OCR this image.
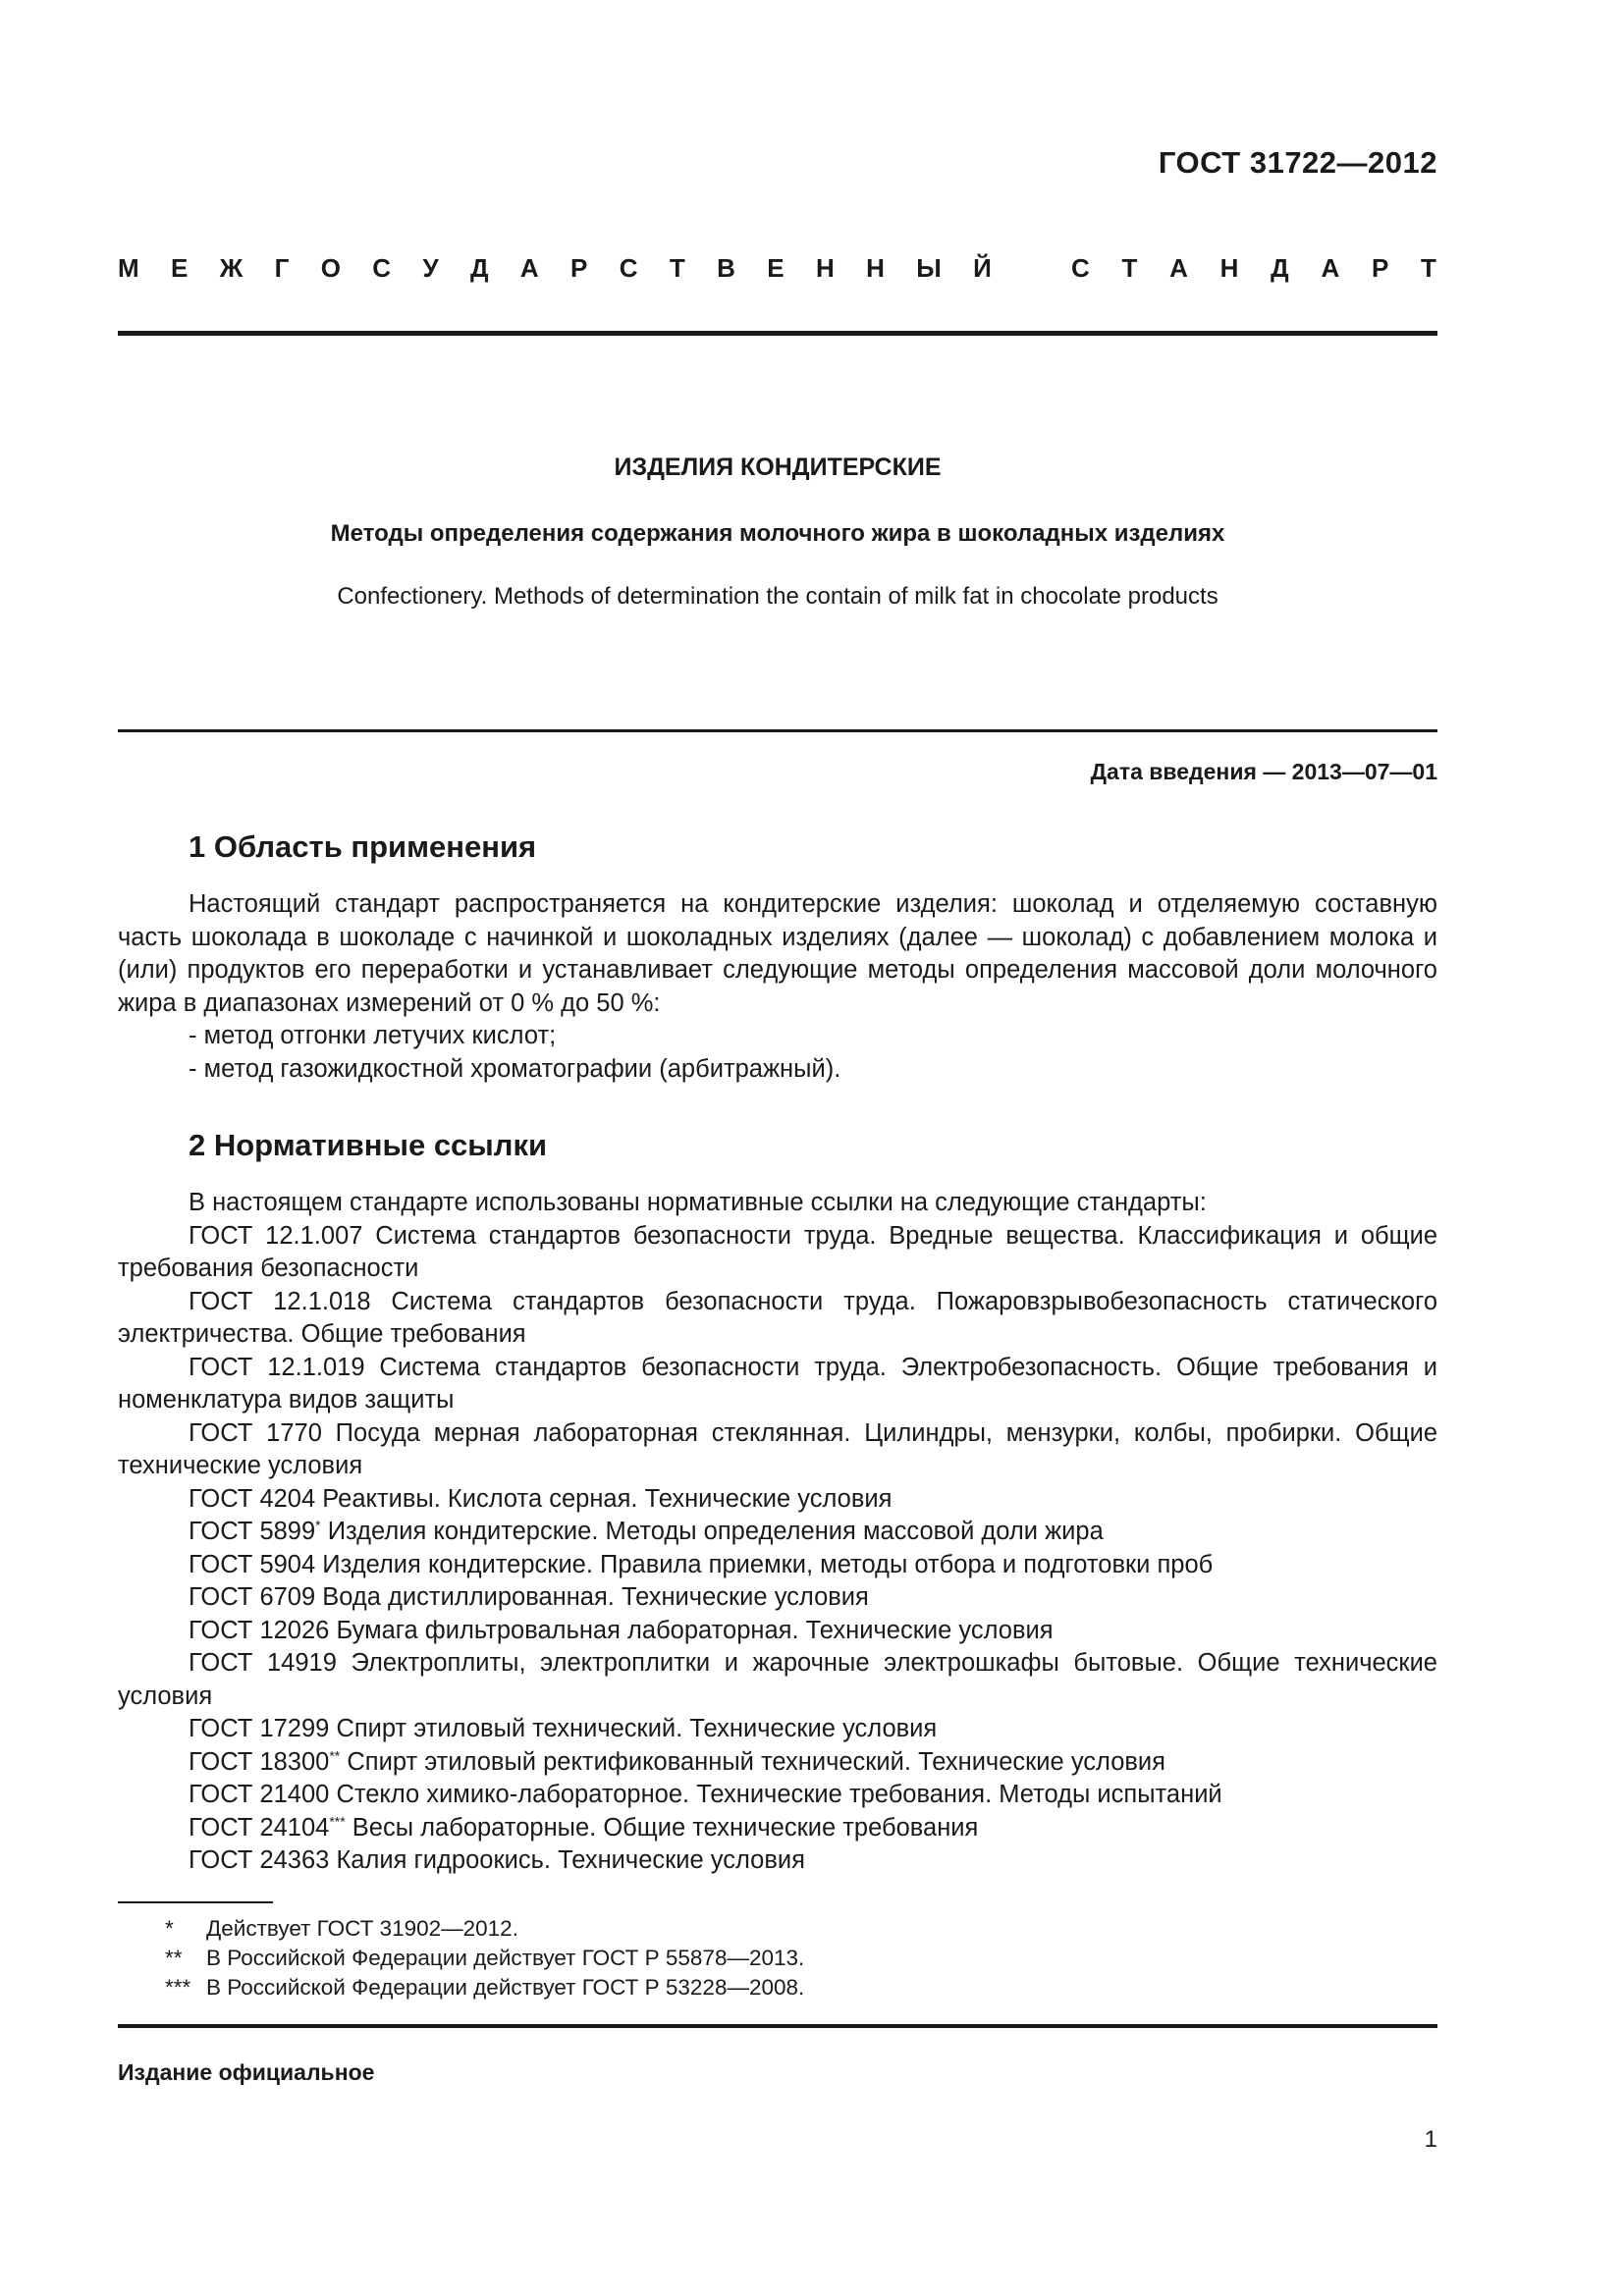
ГОСТ 31722—2012
М Е Ж Г О С У Д А Р С Т В Е Н Н Ы Й	С Т А Н Д А Р Т
ИЗДЕЛИЯ КОНДИТЕРСКИЕ
Методы определения содержания молочного жира в шоколадных изделиях
Confectionery. Methods of determination the contain of milk fat in chocolate products
Дата введения — 2013—07—01
1 Область применения

Настоящий стандарт распространяется на кондитерские изделия: шоколад и отделяемую составную часть шоколада в шоколаде с начинкой и шоколадных изделиях (далее — шоколад) с добавлением молока и (или) продуктов его переработки и устанавливает следующие методы определения массовой доли молочного жира в диапазонах измерений от 0 % до 50 %:

- метод отгонки летучих кислот;

- метод газожидкостной хроматографии (арбитражный).

2 Нормативные ссылки

В настоящем стандарте использованы нормативные ссылки на следующие стандарты:

ГОСТ 12.1.007 Система стандартов безопасности труда. Вредные вещества. Классификация и общие требования безопасности

ГОСТ 12.1.018 Система стандартов безопасности труда. Пожаровзрывобезопасность статического электричества. Общие требования

ГОСТ 12.1.019 Система стандартов безопасности труда. Электробезопасность. Общие требования и номенклатура видов защиты

ГОСТ 1770 Посуда мерная лабораторная стеклянная. Цилиндры, мензурки, колбы, пробирки. Общие технические условия

ГОСТ 4204 Реактивы. Кислота серная. Технические условия

ГОСТ 5899* Изделия кондитерские. Методы определения массовой доли жира

ГОСТ 5904 Изделия кондитерские. Правила приемки, методы отбора и подготовки проб

ГОСТ 6709 Вода дистиллированная. Технические условия

ГОСТ 12026 Бумага фильтровальная лабораторная. Технические условия

ГОСТ 14919 Электроплиты, электроплитки и жарочные электрошкафы бытовые. Общие технические условия

ГОСТ 17299 Спирт этиловый технический. Технические условия

ГОСТ 18300** Спирт этиловый ректификованный технический. Технические условия

ГОСТ 21400 Стекло химико-лабораторное. Технические требования. Методы испытаний

ГОСТ 24104*** Весы лабораторные. Общие технические требования

ГОСТ 24363 Калия гидроокись. Технические условия

* Действует ГОСТ 31902—2012.

** В Российской Федерации действует ГОСТ Р 55878—2013.

*** В Российской Федерации действует ГОСТ Р 53228—2008.

Издание официальное
1
